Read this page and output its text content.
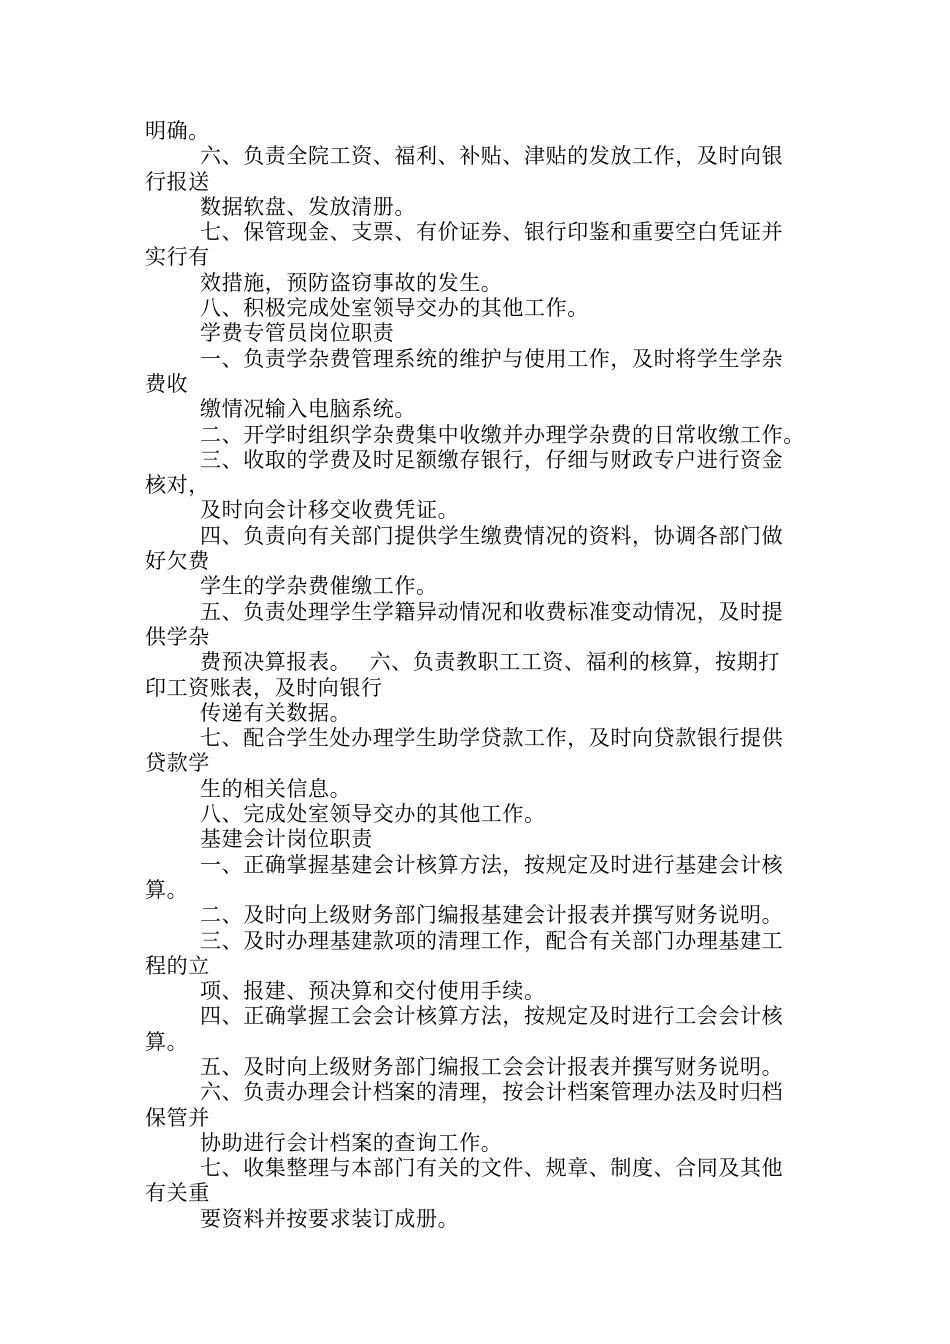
明确。
六、负责全院工资、福利、补贴、津贴的发放工作，及时向银
行报送
数据软盘、发放清册。
七、保管现金、支票、有价证券、银行印鉴和重要空白凭证并
实行有
效措施，预防盗窃事故的发生。
八、积极完成处室领导交办的其他工作。
学费专管员岗位职责
一、负责学杂费管理系统的维护与使用工作，及时将学生学杂
费收
缴情况输入电脑系统。
二、开学时组织学杂费集中收缴并办理学杂费的日常收缴工作。
三、收取的学费及时足额缴存银行，仔细与财政专户进行资金
核对，
及时向会计移交收费凭证。
四、负责向有关部门提供学生缴费情况的资料，协调各部门做
好欠费
学生的学杂费催缴工作。
五、负责处理学生学籍异动情况和收费标准变动情况，及时提
供学杂
费预决算报表。　 六、负责教职工工资、福利的核算，按期打
印工资账表，及时向银行
传递有关数据。
七、配合学生处办理学生助学贷款工作，及时向贷款银行提供
贷款学
生的相关信息。
八、完成处室领导交办的其他工作。
基建会计岗位职责
一、正确掌握基建会计核算方法，按规定及时进行基建会计核
算。
二、及时向上级财务部门编报基建会计报表并撰写财务说明。
三、及时办理基建款项的清理工作，配合有关部门办理基建工
程的立
项、报建、预决算和交付使用手续。
四、正确掌握工会会计核算方法，按规定及时进行工会会计核
算。
五、及时向上级财务部门编报工会会计报表并撰写财务说明。
六、负责办理会计档案的清理，按会计档案管理办法及时归档
保管并
协助进行会计档案的查询工作。
七、收集整理与本部门有关的文件、规章、制度、合同及其他
有关重
要资料并按要求装订成册。
